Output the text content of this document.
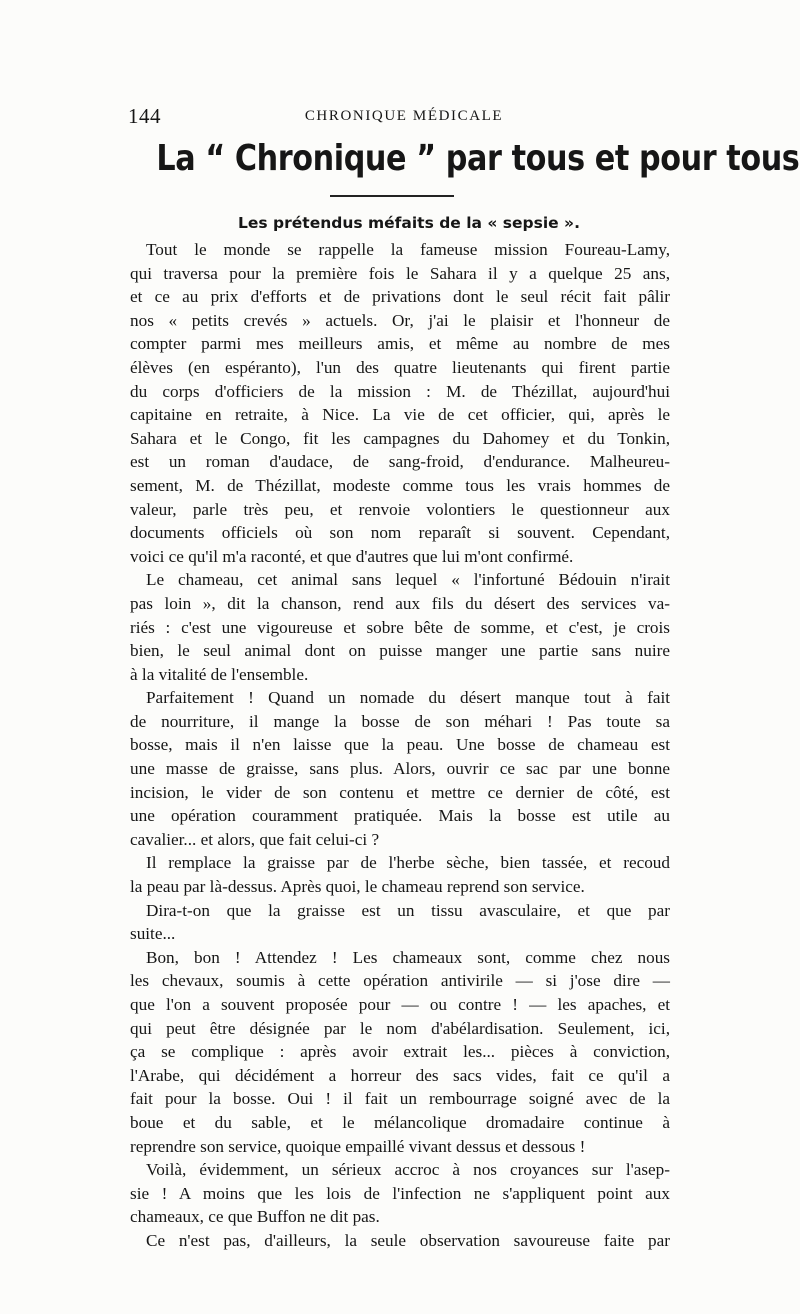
144	CHRONIQUE MÉDICALE
La “ Chronique ” par tous et pour tous
Les prétendus méfaits de la « sepsie ».
Tout le monde se rappelle la fameuse mission Foureau-Lamy,
qui traversa pour la première fois le Sahara il y a quelque 25 ans,
et ce au prix d'efforts et de privations dont le seul récit fait pâlir
nos « petits crevés » actuels. Or, j'ai le plaisir et l'honneur de
compter parmi mes meilleurs amis, et même au nombre de mes
élèves (en espéranto), l'un des quatre lieutenants qui firent partie
du corps d'officiers de la mission : M. de Thézillat, aujourd'hui
capitaine en retraite, à Nice. La vie de cet officier, qui, après le
Sahara et le Congo, fit les campagnes du Dahomey et du Tonkin,
est un roman d'audace, de sang-froid, d'endurance. Malheureu-
sement, M. de Thézillat, modeste comme tous les vrais hommes de
valeur, parle très peu, et renvoie volontiers le questionneur aux
documents officiels où son nom reparaît si souvent. Cependant,
voici ce qu'il m'a raconté, et que d'autres que lui m'ont confirmé.
Le chameau, cet animal sans lequel « l'infortuné Bédouin n'irait
pas loin », dit la chanson, rend aux fils du désert des services va-
riés : c'est une vigoureuse et sobre bête de somme, et c'est, je crois
bien, le seul animal dont on puisse manger une partie sans nuire
à la vitalité de l'ensemble.
Parfaitement ! Quand un nomade du désert manque tout à fait
de nourriture, il mange la bosse de son méhari ! Pas toute sa
bosse, mais il n'en laisse que la peau. Une bosse de chameau est
une masse de graisse, sans plus. Alors, ouvrir ce sac par une bonne
incision, le vider de son contenu et mettre ce dernier de côté, est
une opération couramment pratiquée. Mais la bosse est utile au
cavalier... et alors, que fait celui-ci ?
Il remplace la graisse par de l'herbe sèche, bien tassée, et recoud
la peau par là-dessus. Après quoi, le chameau reprend son service.
Dira-t-on que la graisse est un tissu avasculaire, et que par
suite...
Bon, bon ! Attendez ! Les chameaux sont, comme chez nous
les chevaux, soumis à cette opération antivirile — si j'ose dire —
que l'on a souvent proposée pour — ou contre ! — les apaches, et
qui peut être désignée par le nom d'abélardisation. Seulement, ici,
ça se complique : après avoir extrait les... pièces à conviction,
l'Arabe, qui décidément a horreur des sacs vides, fait ce qu'il a
fait pour la bosse. Oui ! il fait un rembourrage soigné avec de la
boue et du sable, et le mélancolique dromadaire continue à
reprendre son service, quoique empaillé vivant dessus et dessous !
Voilà, évidemment, un sérieux accroc à nos croyances sur l'asep-
sie ! A moins que les lois de l'infection ne s'appliquent point aux
chameaux, ce que Buffon ne dit pas.
Ce n'est pas, d'ailleurs, la seule observation savoureuse faite par
